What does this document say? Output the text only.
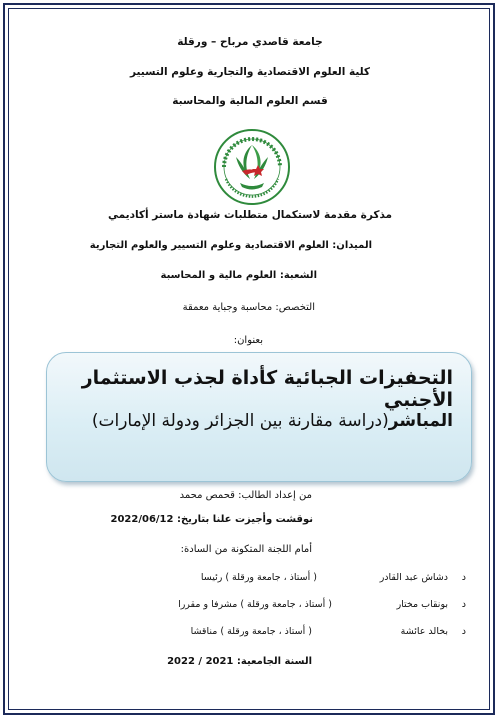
جامعة قاصدي مرباح – ورقلة
كلية العلوم الاقتصادية والتجارية وعلوم التسيير
قسم العلوم المالية والمحاسبة
مذكرة مقدمة لاستكمال متطلبات شهادة ماستر أكاديمي
الميدان: العلوم الاقتصادية وعلوم التسيير والعلوم التجارية
الشعبة: العلوم مالية و المحاسبة
التخصص: محاسبة وجباية معمقة
بعنوان:
التحفيزات الجبائية كأداة لجذب الاستثمار الأجنبي
المباشر(دراسة مقارنة بين الجزائر ودولة الإمارات)
من إعداد الطالب: قحمص محمد
نوقشت وأجيزت علنا بتاريخ: 2022/06/12
أمام اللجنة المتكونة من السادة:
د
دشاش عبد القادر
( أستاذ ، جامعة ورقلة ) رئيسا
د
بونقاب مختار
( أستاذ ، جامعة ورقلة ) مشرفا و مقررا
د
بخالد عائشة
( أستاذ ، جامعة ورقلة ) مناقشا
السنة الجامعية: 2021 / 2022
